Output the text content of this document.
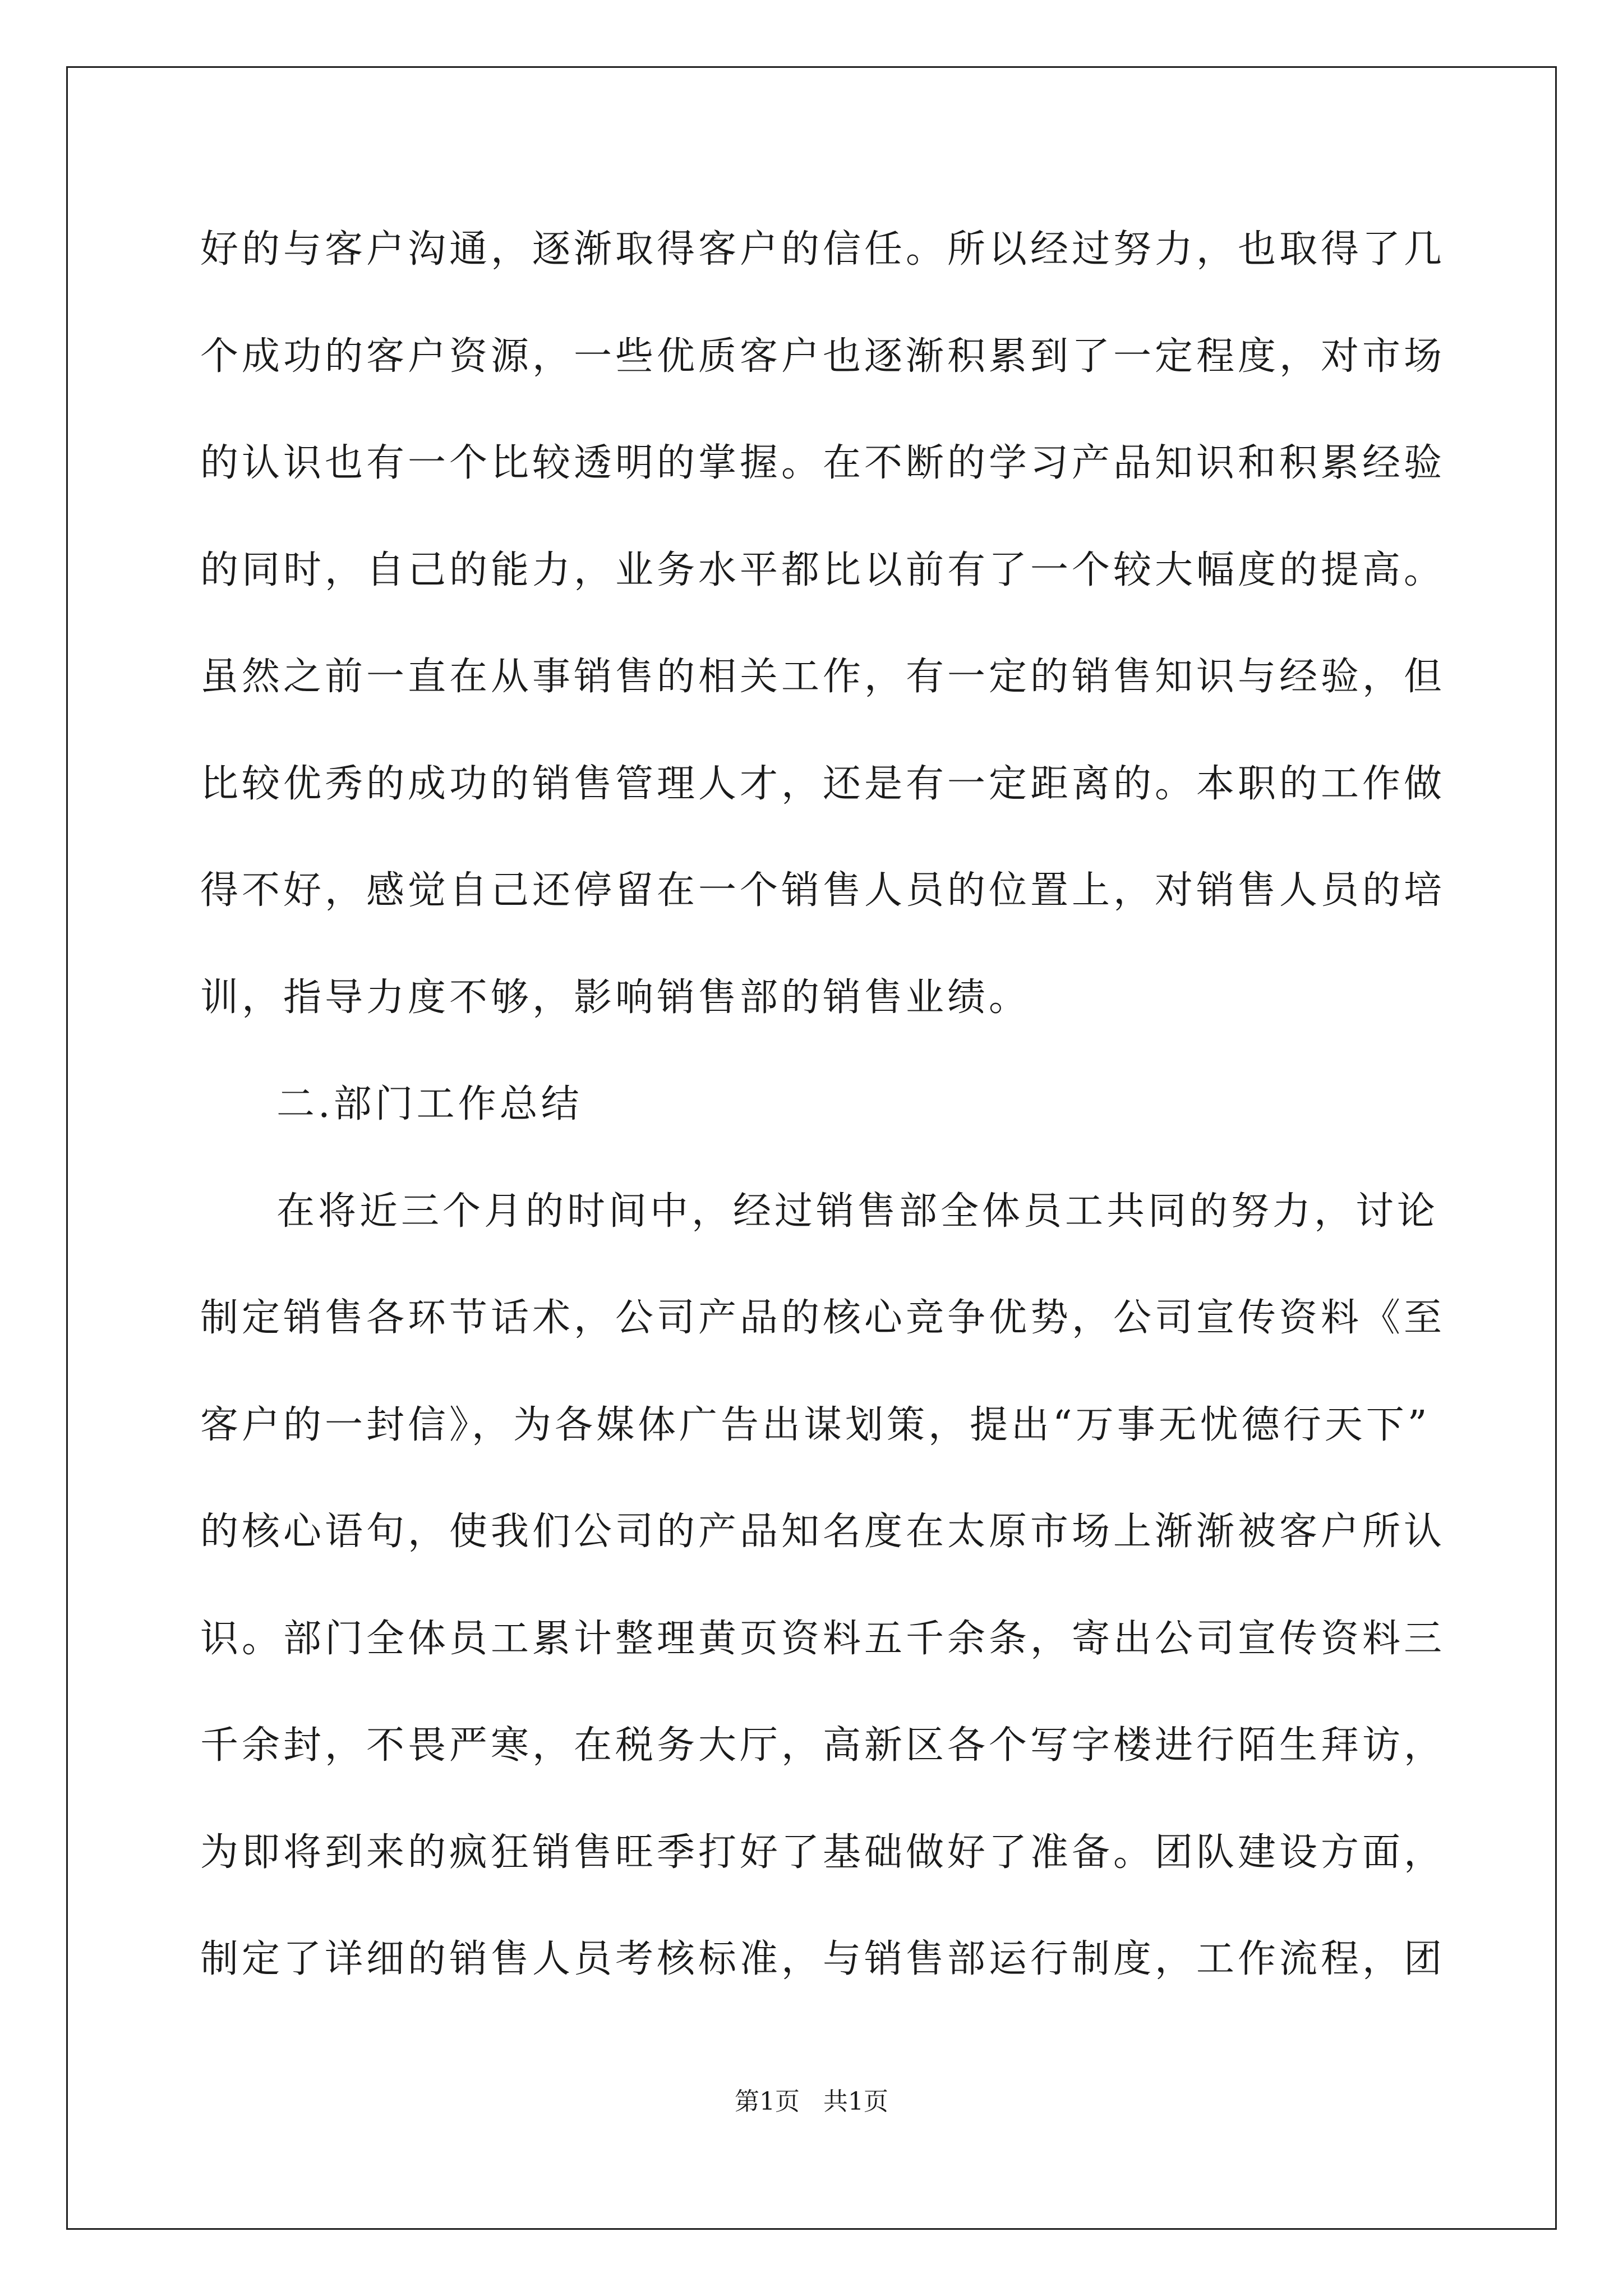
好的与客户沟通，逐渐取得客户的信任。所以经过努力，也取得了几
个成功的客户资源，一些优质客户也逐渐积累到了一定程度，对市场
的认识也有一个比较透明的掌握。在不断的学习产品知识和积累经验
的同时，自己的能力，业务水平都比以前有了一个较大幅度的提高。
虽然之前一直在从事销售的相关工作，有一定的销售知识与经验，但
比较优秀的成功的销售管理人才，还是有一定距离的。本职的工作做
得不好，感觉自己还停留在一个销售人员的位置上，对销售人员的培
训，指导力度不够，影响销售部的销售业绩。
二.部门工作总结
在将近三个月的时间中，经过销售部全体员工共同的努力，讨论
制定销售各环节话术，公司产品的核心竞争优势，公司宣传资料《至
客户的一封信》，为各媒体广告出谋划策，提出“万事无忧德行天下”
的核心语句，使我们公司的产品知名度在太原市场上渐渐被客户所认
识。部门全体员工累计整理黄页资料五千余条，寄出公司宣传资料三
千余封，不畏严寒，在税务大厅，高新区各个写字楼进行陌生拜访，
为即将到来的疯狂销售旺季打好了基础做好了准备。团队建设方面，
制定了详细的销售人员考核标准，与销售部运行制度，工作流程，团
第1页   共1页
